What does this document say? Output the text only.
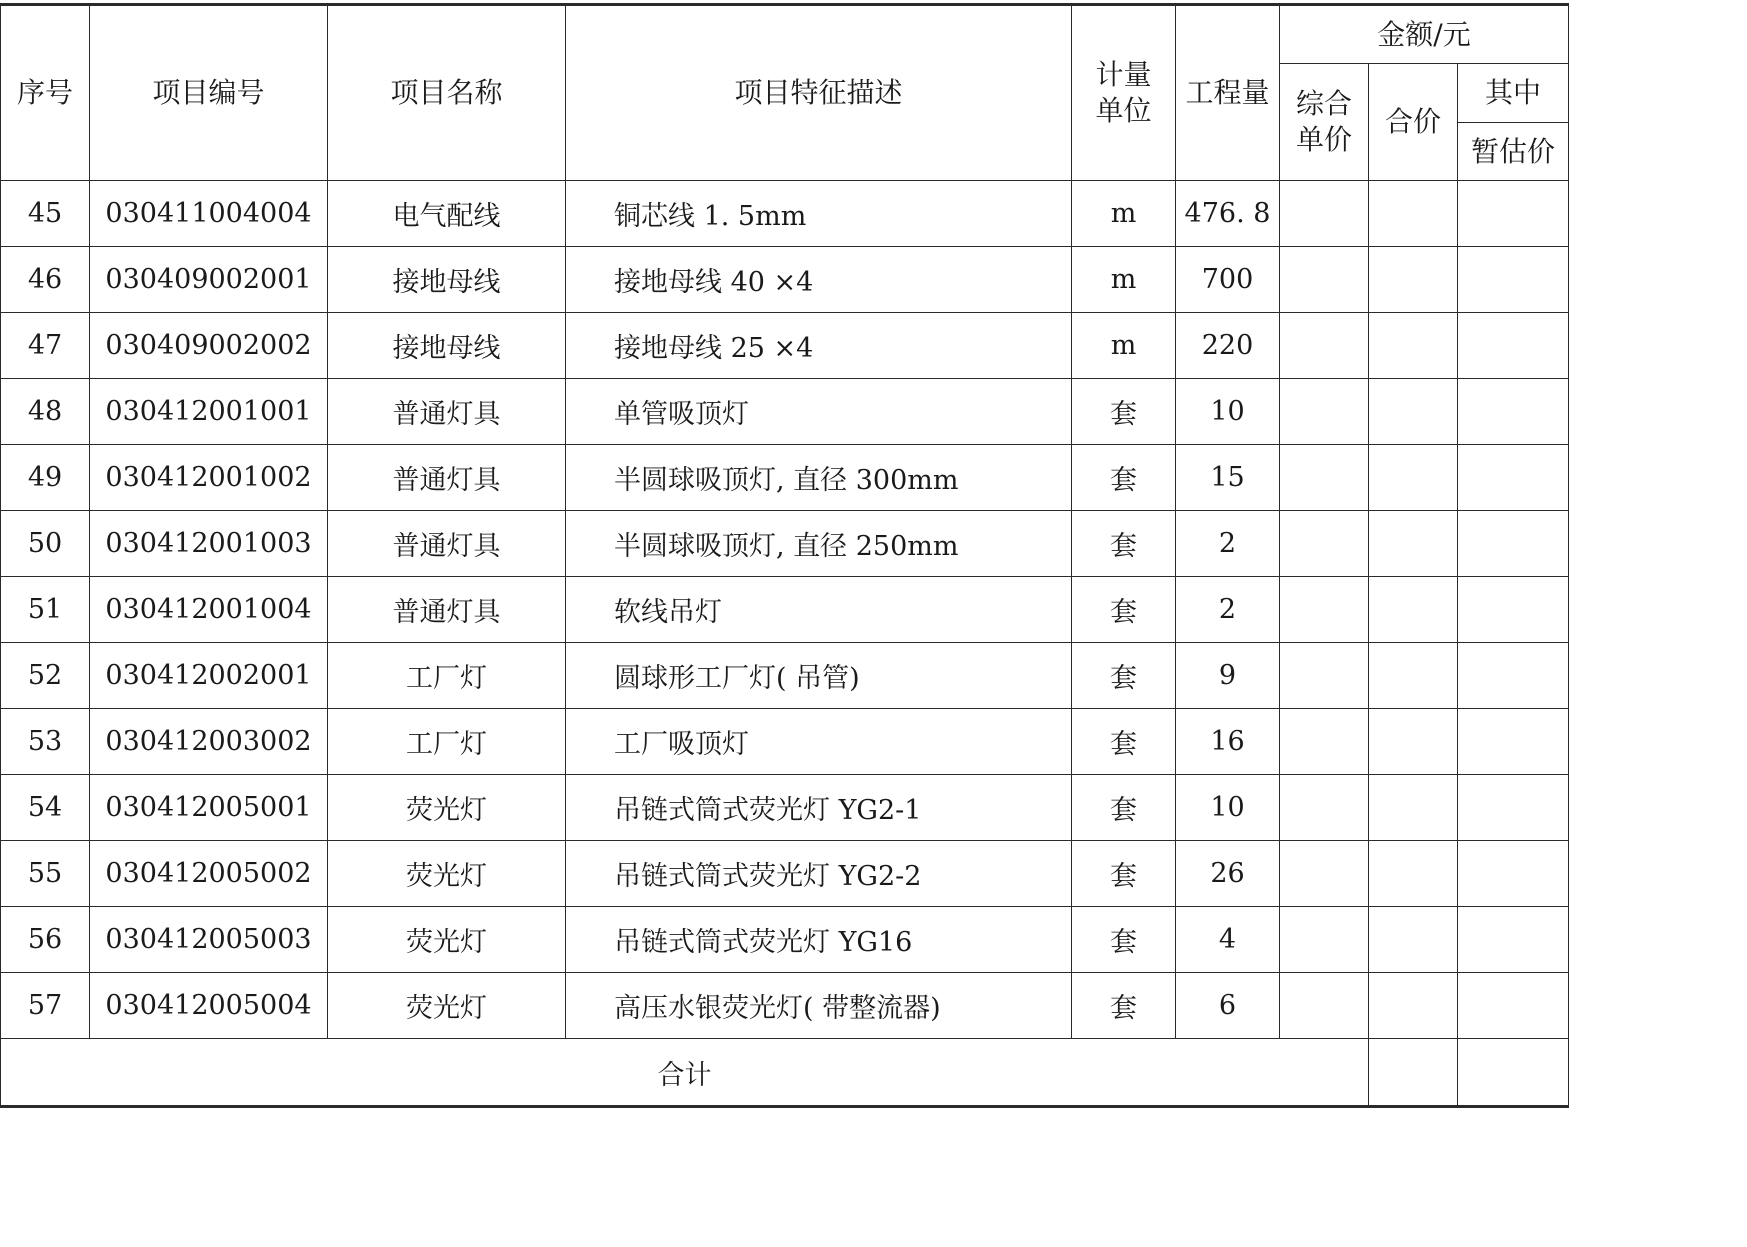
序号	项目编号	项目名称	项目特征描述	计量单位	工程量	金额/元		
						综合单价	合价	其中
								暂估价
45	030411004004	电气配线	铜芯线 1. 5mm	m	476. 8			
46	030409002001	接地母线	接地母线 40 ×4	m	700			
47	030409002002	接地母线	接地母线 25 ×4	m	220			
48	030412001001	普通灯具	单管吸顶灯	套	10			
49	030412001002	普通灯具	半圆球吸顶灯, 直径 300mm	套	15			
50	030412001003	普通灯具	半圆球吸顶灯, 直径 250mm	套	2			
51	030412001004	普通灯具	软线吊灯	套	2			
52	030412002001	工厂灯	圆球形工厂灯( 吊管)	套	9			
53	030412003002	工厂灯	工厂吸顶灯	套	16			
54	030412005001	荧光灯	吊链式筒式荧光灯 YG2-1	套	10			
55	030412005002	荧光灯	吊链式筒式荧光灯 YG2-2	套	26			
56	030412005003	荧光灯	吊链式筒式荧光灯 YG16	套	4			
57	030412005004	荧光灯	高压水银荧光灯( 带整流器)	套	6			
合计								
